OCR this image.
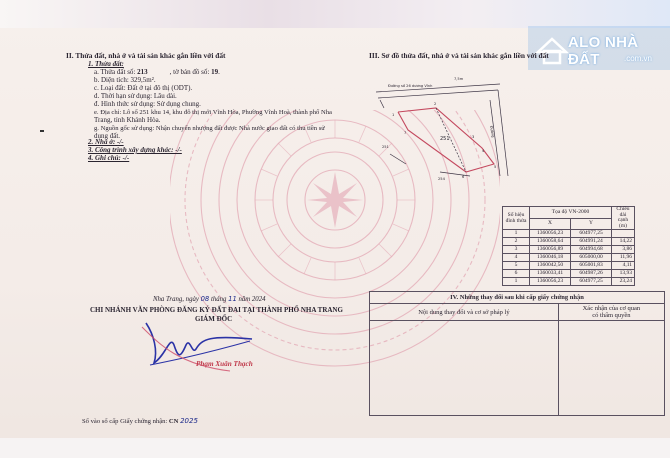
ALO NHÀ ĐẤT	.com.vn
II. Thửa đất, nhà ở và tài sản khác gắn liền với đất
1. Thửa đất:
a. Thửa đất số: 213	, tờ bản đồ số: 19.
b. Diện tích: 329,5m².
c. Loại đất: Đất ở tại đô thị (ODT).
d. Thời hạn sử dụng: Lâu dài.
đ. Hình thức sử dụng: Sử dụng chung.
e. Địa chỉ: Lô số 251 khu 14, khu đô thị mới Vĩnh Hòa, Phường Vĩnh Hoà, thành phố Nha
Trang, tỉnh Khánh Hòa.
g. Nguồn gốc sử dụng: Nhận chuyển nhượng đất được Nhà nước giao đất có thu tiền sử
dụng đất.
2. Nhà ở: -/-
3. Công trình xây dựng khác: -/-
4. Ghi chú: -/-
Nha Trang, ngày 08 tháng 11 năm 2024
CHI NHÁNH VĂN PHÒNG ĐĂNG KÝ ĐẤT ĐAI TẠI THÀNH PHỐ NHA TRANG
GIÁM ĐỐC
Phạm Xuân Thạch
Số vào sổ cấp Giấy chứng nhận: CN 2025
III. Sơ đồ thửa đất, nhà ở và tài sản khác gắn liền với đất
Đường số 26 dương Vĩnh
7,5m
Đường
1
2
3
4
5
6
7
254
251
251
Số hiệu
đỉnh thửa	Tọa độ VN-2000		Chiều
dài
cạnh
(m)
	X	Y	
1	1360056,23	604977,25	
2	1360058,64	604991,24	14,22
3	1360056,89	604994,68	3,86
4	1360046,18	605000,00	11,96
5	1360042,50	605001,83	4,11
6	1360033,41	604987,26	13,93
1	1360056,23	604977,25	23,24
IV. Những thay đổi sau khi cấp giấy chứng nhận	
Nội dung thay đổi và cơ sở pháp lý	Xác nhận của cơ quan
có thẩm quyền
